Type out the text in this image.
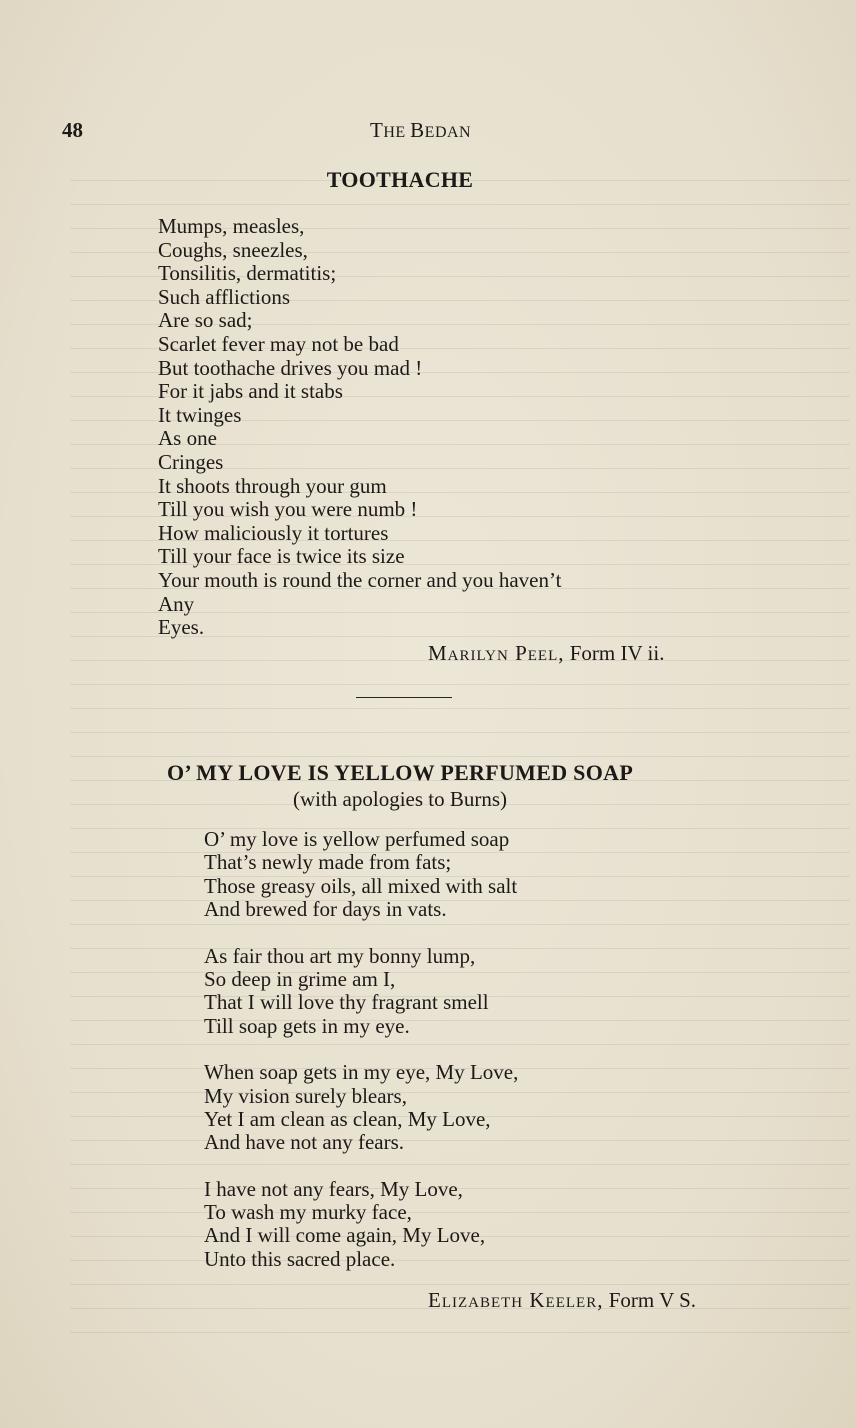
48	THE BEDAN
TOOTHACHE
Mumps, measles,
Coughs, sneezles,
Tonsilitis, dermatitis;
Such afflictions
Are so sad;
Scarlet fever may not be bad
But toothache drives you mad !
For it jabs and it stabs
It twinges
As one
Cringes
It shoots through your gum
Till you wish you were numb !
How maliciously it tortures
Till your face is twice its size
Your mouth is round the corner and you haven’t
Any
Eyes.
Marilyn Peel, Form IV ii.
O’ MY LOVE IS YELLOW PERFUMED SOAP
(with apologies to Burns)
O’ my love is yellow perfumed soap
That’s newly made from fats;
Those greasy oils, all mixed with salt
And brewed for days in vats.
As fair thou art my bonny lump,
So deep in grime am I,
That I will love thy fragrant smell
Till soap gets in my eye.
When soap gets in my eye, My Love,
My vision surely blears,
Yet I am clean as clean, My Love,
And have not any fears.
I have not any fears, My Love,
To wash my murky face,
And I will come again, My Love,
Unto this sacred place.
Elizabeth Keeler, Form V S.
